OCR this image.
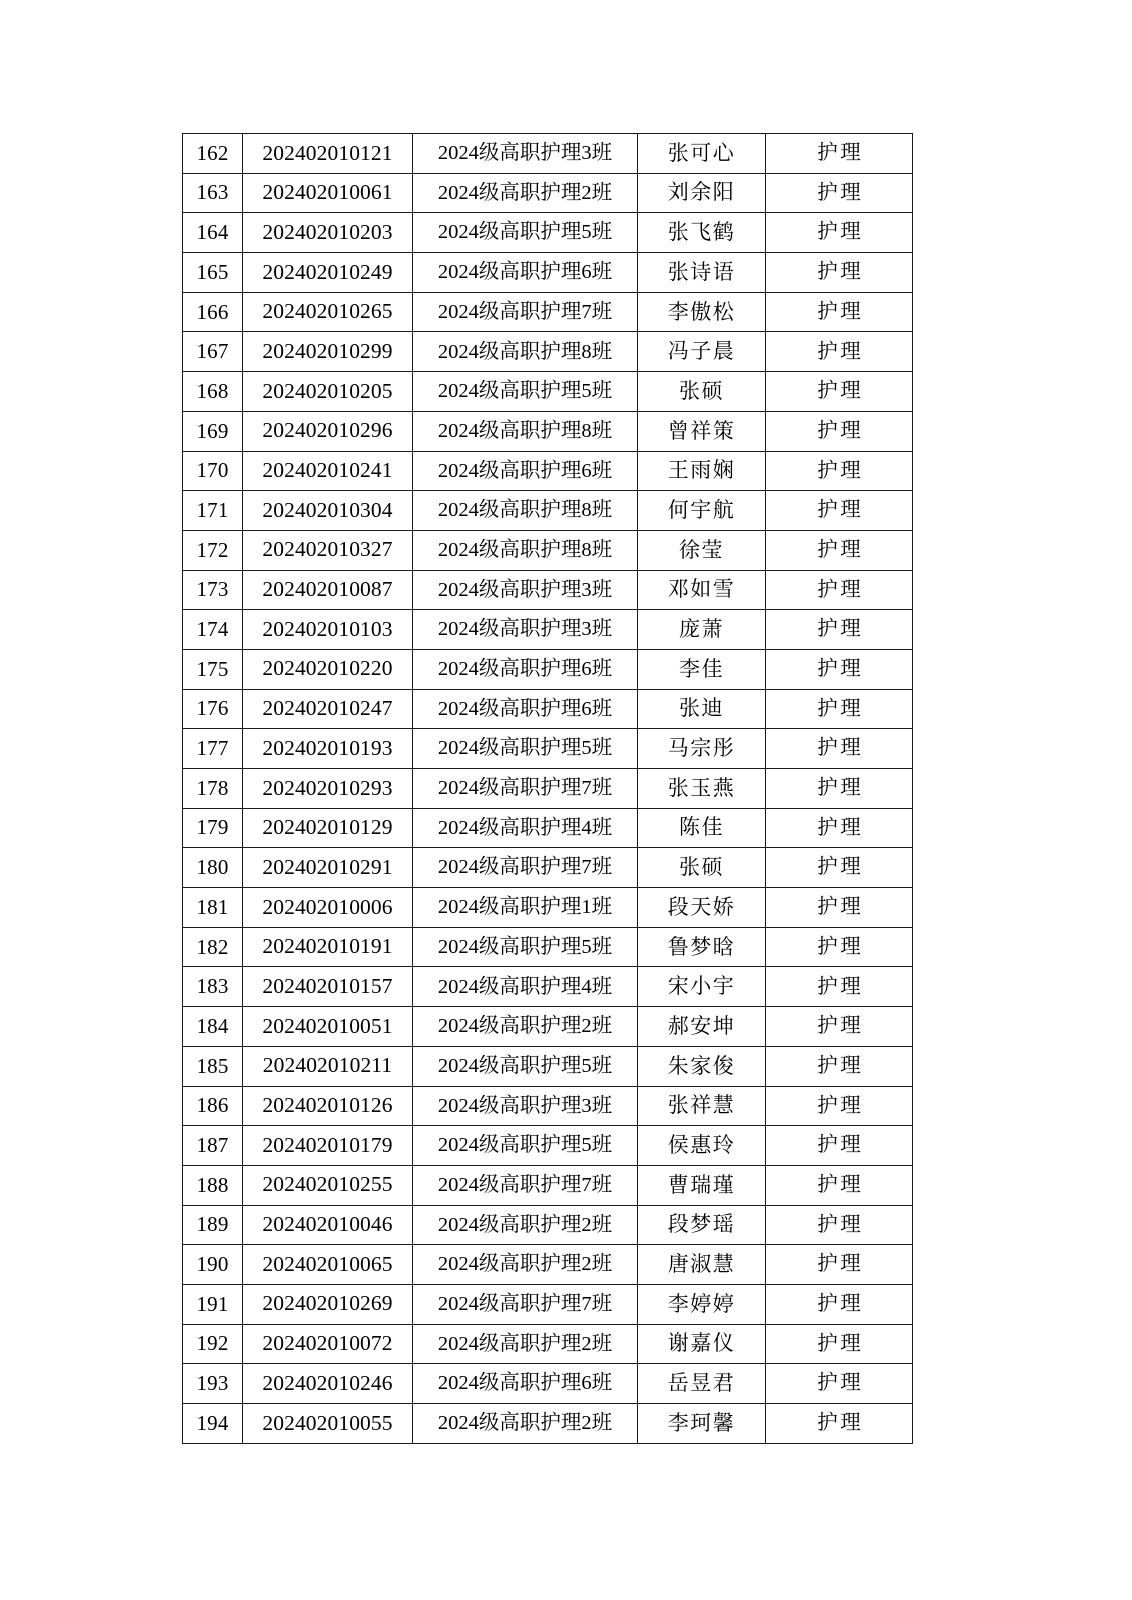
162	202402010121	2024级高职护理3班	张可心	护理
163	202402010061	2024级高职护理2班	刘余阳	护理
164	202402010203	2024级高职护理5班	张飞鹤	护理
165	202402010249	2024级高职护理6班	张诗语	护理
166	202402010265	2024级高职护理7班	李傲松	护理
167	202402010299	2024级高职护理8班	冯子晨	护理
168	202402010205	2024级高职护理5班	张硕	护理
169	202402010296	2024级高职护理8班	曾祥策	护理
170	202402010241	2024级高职护理6班	王雨娴	护理
171	202402010304	2024级高职护理8班	何宇航	护理
172	202402010327	2024级高职护理8班	徐莹	护理
173	202402010087	2024级高职护理3班	邓如雪	护理
174	202402010103	2024级高职护理3班	庞萧	护理
175	202402010220	2024级高职护理6班	李佳	护理
176	202402010247	2024级高职护理6班	张迪	护理
177	202402010193	2024级高职护理5班	马宗彤	护理
178	202402010293	2024级高职护理7班	张玉燕	护理
179	202402010129	2024级高职护理4班	陈佳	护理
180	202402010291	2024级高职护理7班	张硕	护理
181	202402010006	2024级高职护理1班	段天娇	护理
182	202402010191	2024级高职护理5班	鲁梦晗	护理
183	202402010157	2024级高职护理4班	宋小宇	护理
184	202402010051	2024级高职护理2班	郝安坤	护理
185	202402010211	2024级高职护理5班	朱家俊	护理
186	202402010126	2024级高职护理3班	张祥慧	护理
187	202402010179	2024级高职护理5班	侯惠玲	护理
188	202402010255	2024级高职护理7班	曹瑞瑾	护理
189	202402010046	2024级高职护理2班	段梦瑶	护理
190	202402010065	2024级高职护理2班	唐淑慧	护理
191	202402010269	2024级高职护理7班	李婷婷	护理
192	202402010072	2024级高职护理2班	谢嘉仪	护理
193	202402010246	2024级高职护理6班	岳昱君	护理
194	202402010055	2024级高职护理2班	李珂馨	护理
